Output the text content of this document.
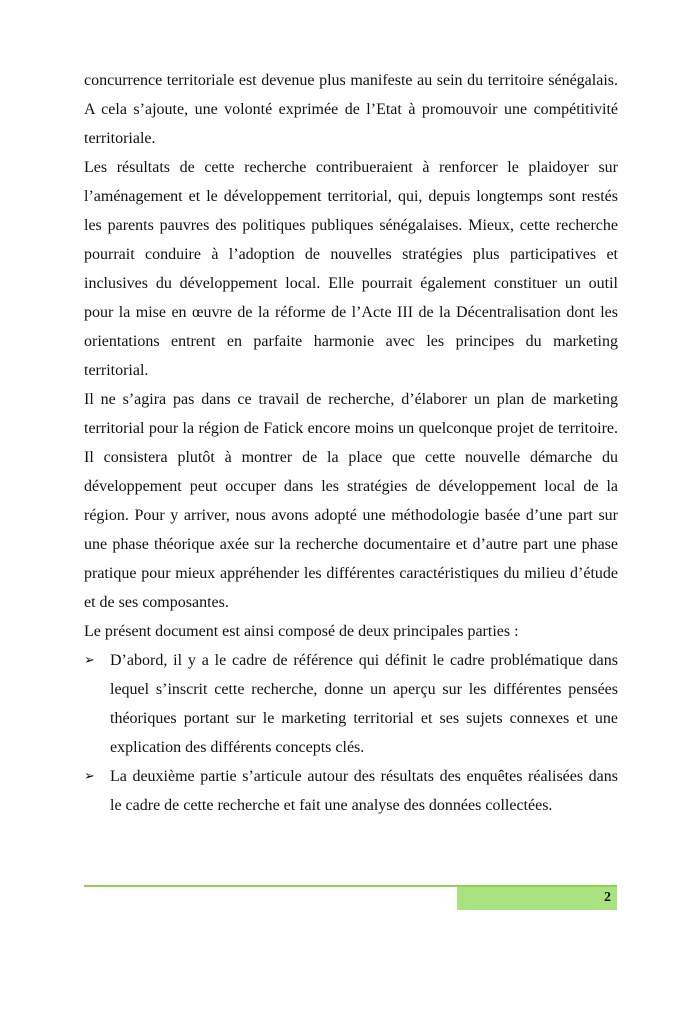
concurrence territoriale est devenue plus manifeste au sein du territoire sénégalais.
A cela s’ajoute, une volonté exprimée de l’Etat à promouvoir une compétitivité
territoriale.
Les résultats de cette recherche contribueraient à renforcer le plaidoyer sur
l’aménagement et le développement territorial, qui, depuis longtemps sont restés
les parents pauvres des politiques publiques sénégalaises. Mieux, cette recherche
pourrait conduire à l’adoption de nouvelles stratégies plus participatives et
inclusives du développement local. Elle pourrait également constituer un outil
pour la mise en œuvre de la réforme de l’Acte III de la Décentralisation dont les
orientations entrent en parfaite harmonie avec les principes du marketing
territorial.
Il ne s’agira pas dans ce travail de recherche, d’élaborer un plan de marketing
territorial pour la région de Fatick encore moins un quelconque projet de territoire.
Il consistera plutôt à montrer de la place que cette nouvelle démarche du
développement peut occuper dans les stratégies de développement local de la
région. Pour y arriver, nous avons adopté une méthodologie basée d’une part sur
une phase théorique axée sur la recherche documentaire et d’autre part une phase
pratique pour mieux appréhender les différentes caractéristiques du milieu d’étude
et de ses composantes.
Le présent document est ainsi composé de deux principales parties :
➢ D’abord, il y a le cadre de référence qui définit le cadre problématique dans
lequel s’inscrit cette recherche, donne un aperçu sur les différentes pensées
théoriques portant sur le marketing territorial et ses sujets connexes et une
explication des différents concepts clés.
➢ La deuxième partie s’articule autour des résultats des enquêtes réalisées dans
le cadre de cette recherche et fait une analyse des données collectées.
2
